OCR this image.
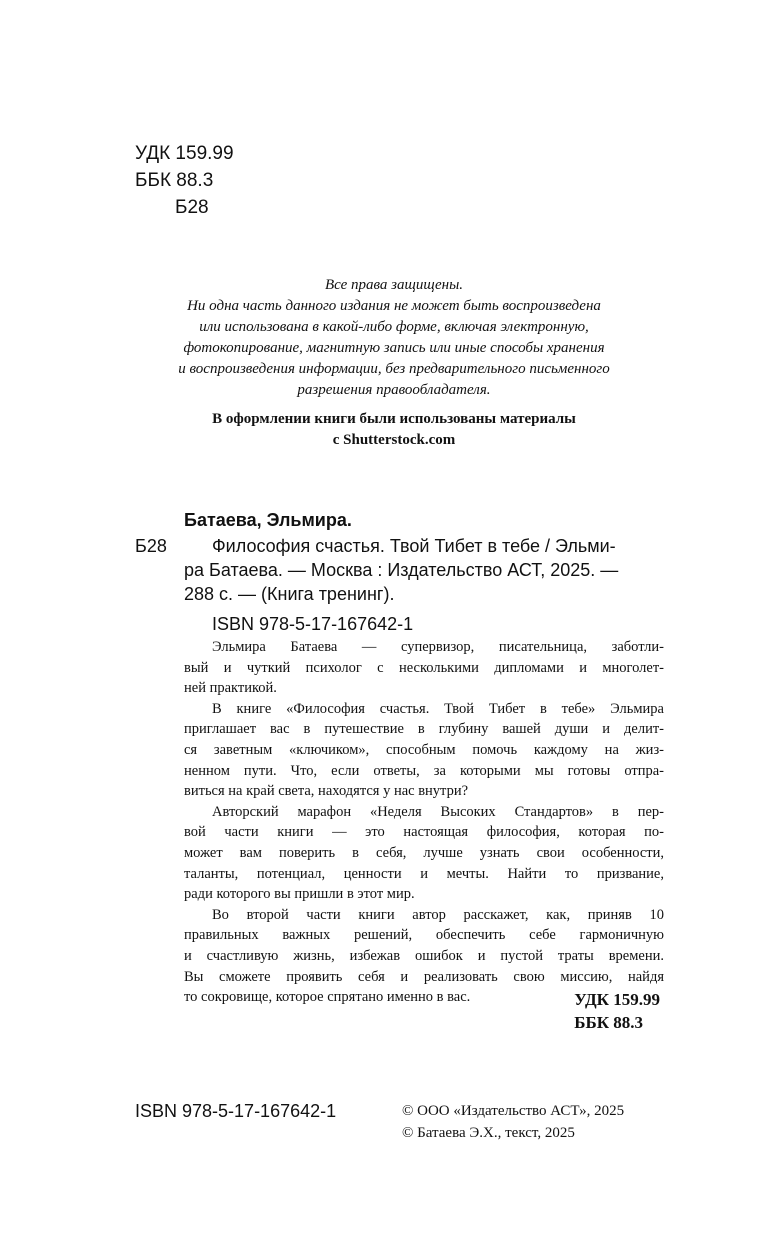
УДК 159.99
ББК 88.3
Б28
Все права защищены.
Ни одна часть данного издания не может быть воспроизведена
или использована в какой-либо форме, включая электронную,
фотокопирование, магнитную запись или иные способы хранения
и воспроизведения информации, без предварительного письменного
разрешения правообладателя.
В оформлении книги были использованы материалы
с Shutterstock.com
Батаева, Эльмира.
Б28	Философия счастья. Твой Тибет в тебе / Эльми-
ра Батаева. — Москва : Издательство АСТ, 2025. —
288 с. — (Книга тренинг).
ISBN 978-5-17-167642-1
Эльмира Батаева — супервизор, писательница, заботли-
вый и чуткий психолог с несколькими дипломами и многолет-
ней практикой.
В книге «Философия счастья. Твой Тибет в тебе» Эльмира
приглашает вас в путешествие в глубину вашей души и делит-
ся заветным «ключиком», способным помочь каждому на жиз-
ненном пути. Что, если ответы, за которыми мы готовы отпра-
виться на край света, находятся у нас внутри?
Авторский марафон «Неделя Высоких Стандартов» в пер-
вой части книги — это настоящая философия, которая по-
может вам поверить в себя, лучше узнать свои особенности,
таланты, потенциал, ценности и мечты. Найти то призвание,
ради которого вы пришли в этот мир.
Во второй части книги автор расскажет, как, приняв 10
правильных важных решений, обеспечить себе гармоничную
и счастливую жизнь, избежав ошибок и пустой траты времени.
Вы сможете проявить себя и реализовать свою миссию, найдя
то сокровище, которое спрятано именно в вас.	УДК 159.99
ББК 88.3
ISBN 978-5-17-167642-1	© ООО «Издательство АСТ», 2025
© Батаева Э.Х., текст, 2025
